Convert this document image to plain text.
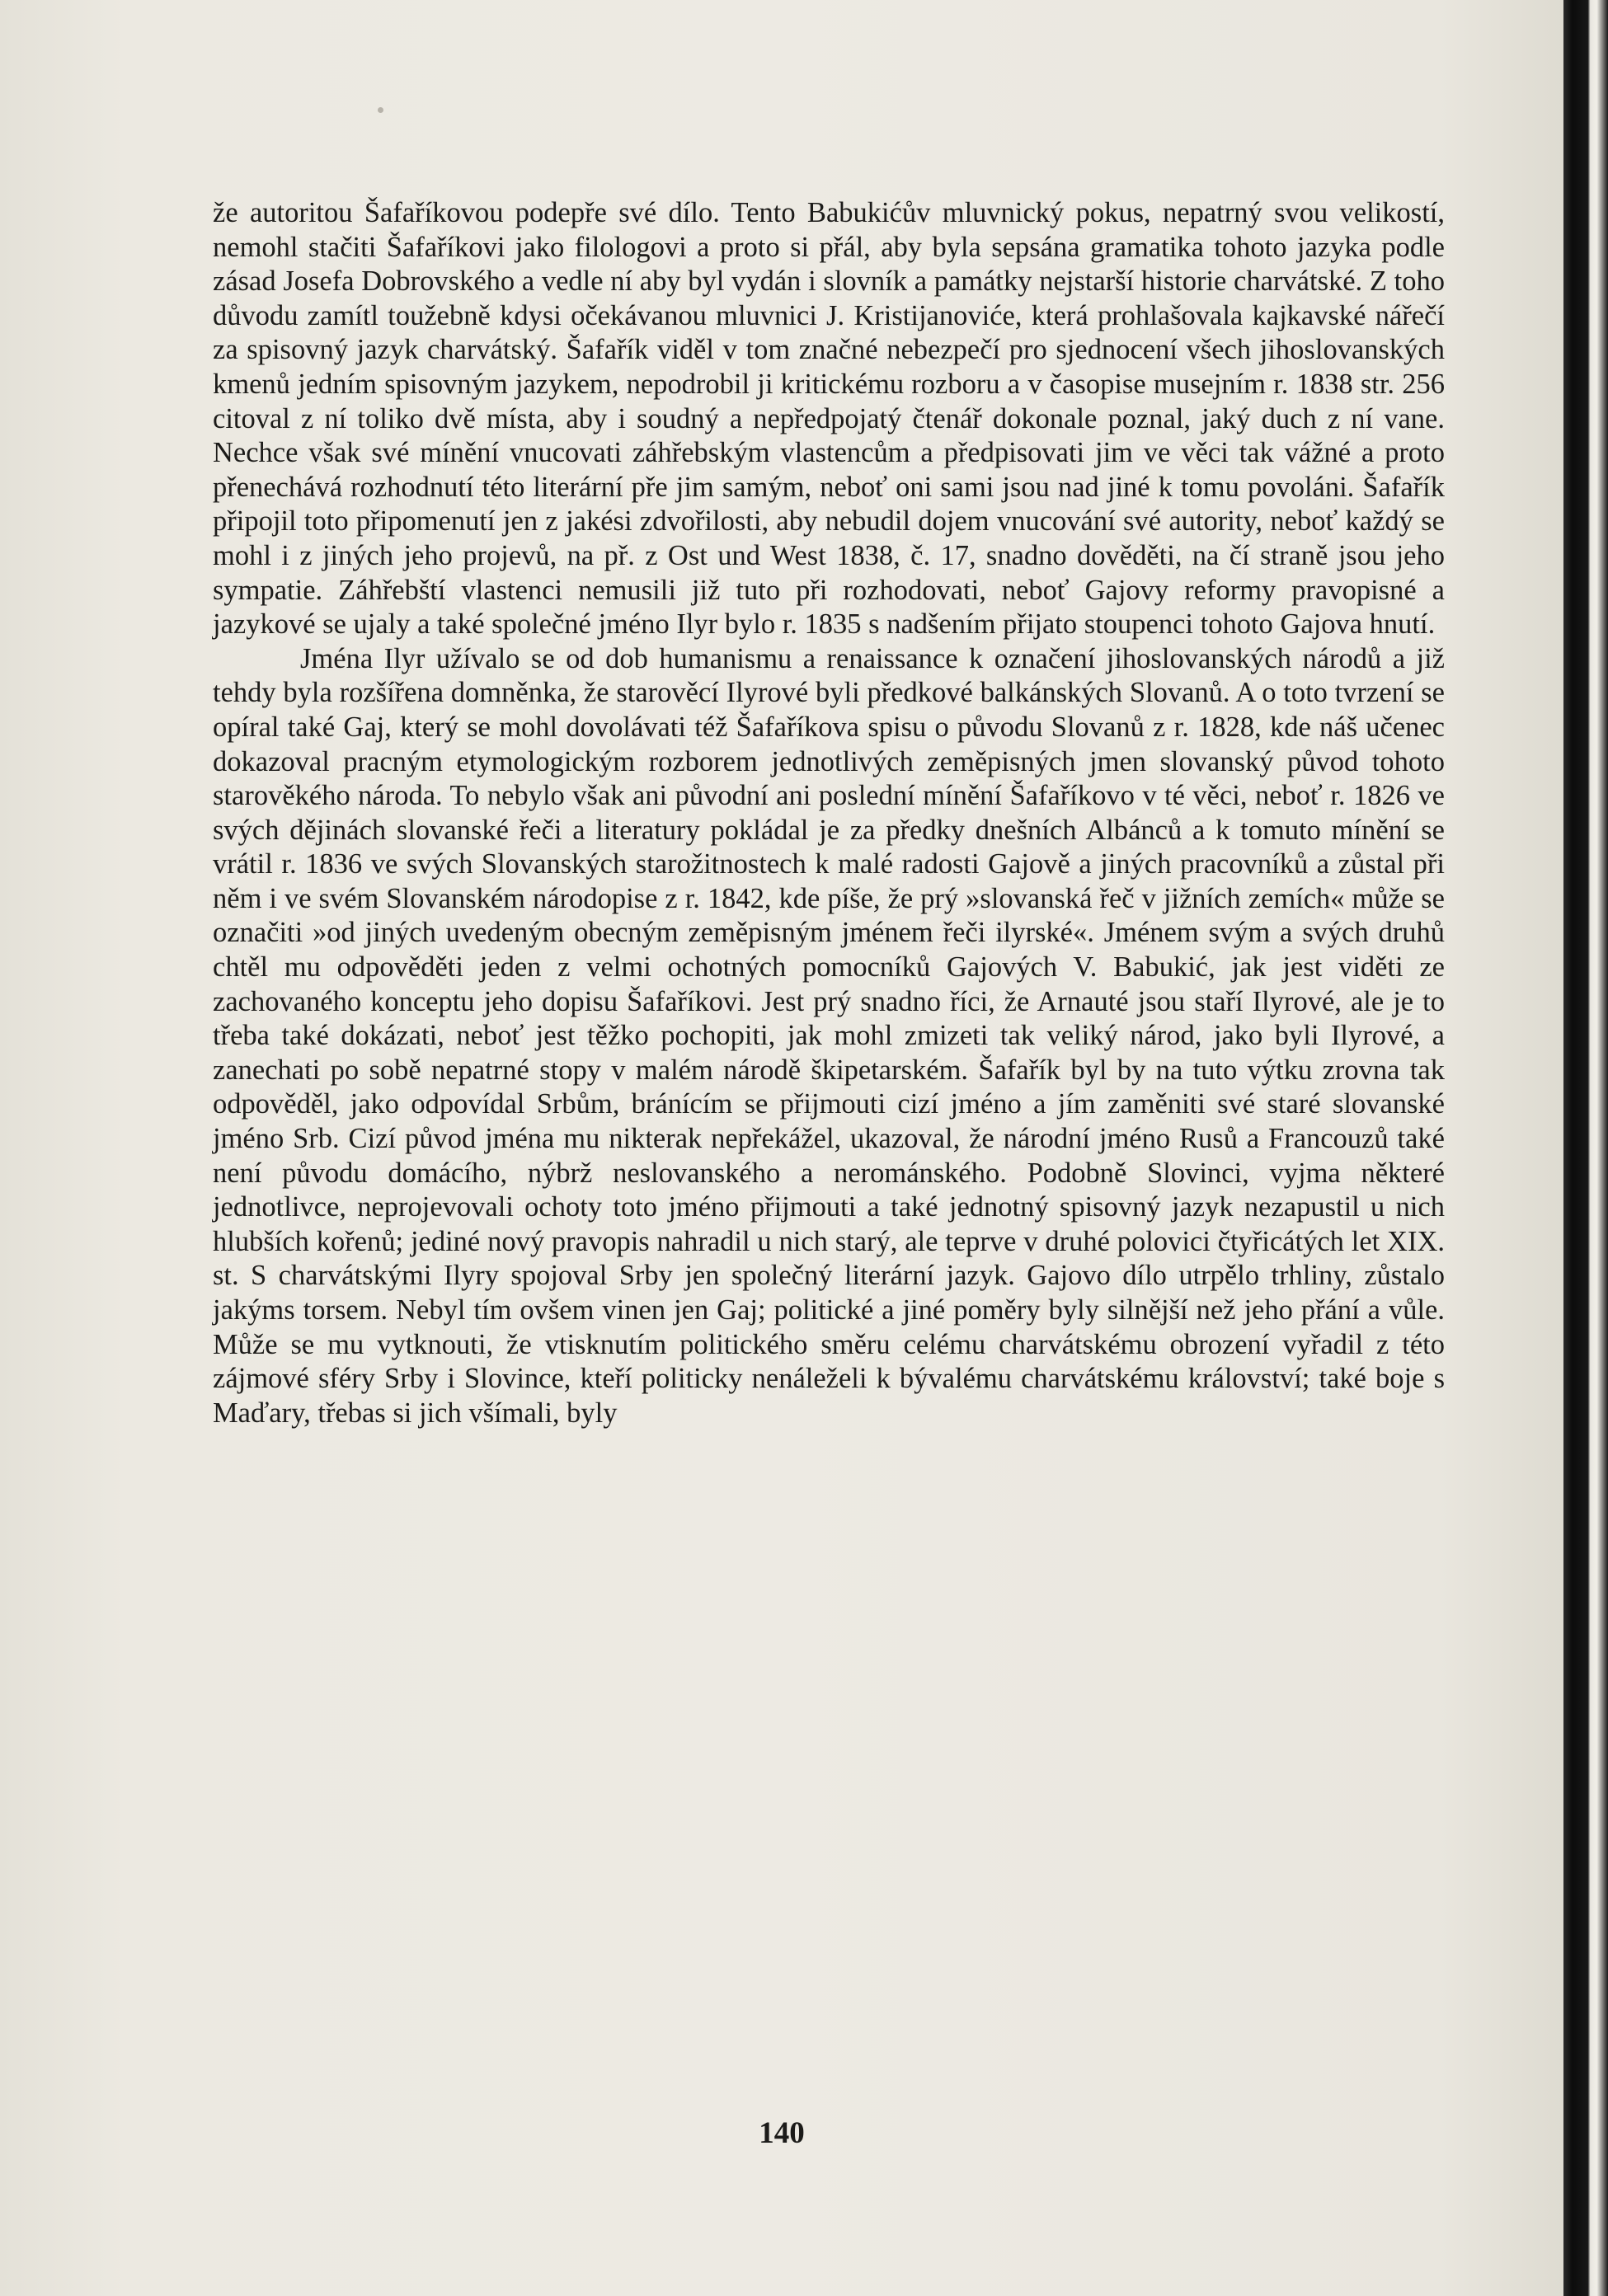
že autoritou Šafaříkovou podepře své dílo. Tento Babukićův mluvnický pokus, nepatrný svou velikostí, nemohl stačiti Šafaříkovi jako filologovi a proto si přál, aby byla sepsána gramatika tohoto jazyka podle zásad Josefa Dobrovského a vedle ní aby byl vydán i slovník a památky nejstarší historie charvátské. Z toho důvodu zamítl toužebně kdysi očekávanou mluvnici J. Kristijanoviće, která prohlašovala kajkavské nářečí za spisovný jazyk charvátský. Šafařík viděl v tom značné nebezpečí pro sjednocení všech jihoslovanských kmenů jedním spisovným jazykem, nepodrobil ji kritickému rozboru a v časopise musejním r. 1838 str. 256 citoval z ní toliko dvě místa, aby i soudný a nepředpojatý čtenář dokonale poznal, jaký duch z ní vane. Nechce však své mínění vnucovati záhřebským vlastencům a předpisovati jim ve věci tak vážné a proto přenechává rozhodnutí této literární pře jim samým, neboť oni sami jsou nad jiné k tomu povoláni. Šafařík připojil toto připomenutí jen z jakési zdvořilosti, aby nebudil dojem vnucování své autority, neboť každý se mohl i z jiných jeho projevů, na př. z Ost und West 1838, č. 17, snadno dověděti, na čí straně jsou jeho sympatie. Záhřebští vlastenci nemusili již tuto při rozhodovati, neboť Gajovy reformy pravopisné a jazykové se ujaly a také společné jméno Ilyr bylo r. 1835 s nadšením přijato stoupenci tohoto Gajova hnutí.

Jména Ilyr užívalo se od dob humanismu a renaissance k označení jihoslovanských národů a již tehdy byla rozšířena domněnka, že starověcí Ilyrové byli předkové balkánských Slovanů. A o toto tvrzení se opíral také Gaj, který se mohl dovolávati též Šafaříkova spisu o původu Slovanů z r. 1828, kde náš učenec dokazoval pracným etymologickým rozborem jednotlivých zeměpisných jmen slovanský původ tohoto starověkého národa. To nebylo však ani původní ani poslední mínění Šafaříkovo v té věci, neboť r. 1826 ve svých dějinách slovanské řeči a literatury pokládal je za předky dnešních Albánců a k tomuto mínění se vrátil r. 1836 ve svých Slovanských starožitnostech k malé radosti Gajově a jiných pracovníků a zůstal při něm i ve svém Slovanském národopise z r. 1842, kde píše, že prý »slovanská řeč v jižních zemích« může se označiti »od jiných uvedeným obecným zeměpisným jménem řeči ilyrské«. Jménem svým a svých druhů chtěl mu odpověděti jeden z velmi ochotných pomocníků Gajových V. Babukić, jak jest viděti ze zachovaného konceptu jeho dopisu Šafaříkovi. Jest prý snadno říci, že Arnauté jsou staří Ilyrové, ale je to třeba také dokázati, neboť jest těžko pochopiti, jak mohl zmizeti tak veliký národ, jako byli Ilyrové, a zanechati po sobě nepatrné stopy v malém národě škipetarském. Šafařík byl by na tuto výtku zrovna tak odpověděl, jako odpovídal Srbům, bránícím se přijmouti cizí jméno a jím zaměniti své staré slovanské jméno Srb. Cizí původ jména mu nikterak nepřekážel, ukazoval, že národní jméno Rusů a Francouzů také není původu domácího, nýbrž neslovanského a nerománského. Podobně Slovinci, vyjma některé jednotlivce, neprojevovali ochoty toto jméno přijmouti a také jednotný spisovný jazyk nezapustil u nich hlubších kořenů; jediné nový pravopis nahradil u nich starý, ale teprve v druhé polovici čtyřicátých let XIX. st. S charvátskými Ilyry spojoval Srby jen společný literární jazyk. Gajovo dílo utrpělo trhliny, zůstalo jakýms torsem. Nebyl tím ovšem vinen jen Gaj; politické a jiné poměry byly silnější než jeho přání a vůle. Může se mu vytknouti, že vtisknutím politického směru celému charvátskému obrození vyřadil z této zájmové sféry Srby i Slovince, kteří politicky nenáleželi k bývalému charvátskému království; také boje s Maďary, třebas si jich všímali, byly

140
